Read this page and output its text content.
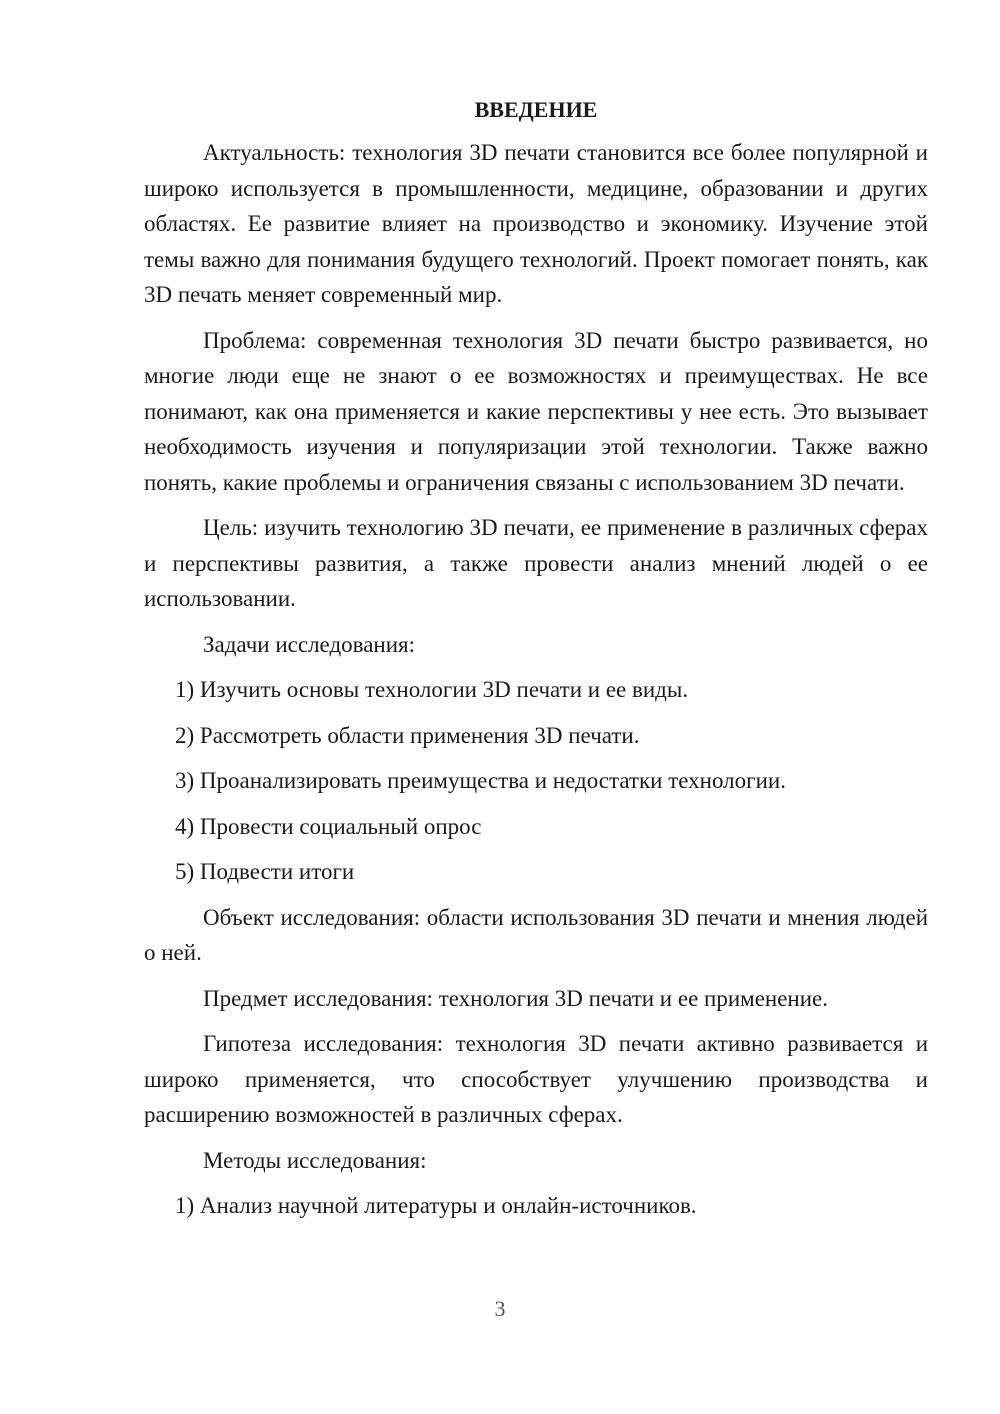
ВВЕДЕНИЕ
Актуальность: технология 3D печати становится все более популярной и широко используется в промышленности, медицине, образовании и других областях. Ее развитие влияет на производство и экономику. Изучение этой темы важно для понимания будущего технологий. Проект помогает понять, как 3D печать меняет современный мир.
Проблема: современная технология 3D печати быстро развивается, но многие люди еще не знают о ее возможностях и преимуществах. Не все понимают, как она применяется и какие перспективы у нее есть. Это вызывает необходимость изучения и популяризации этой технологии. Также важно понять, какие проблемы и ограничения связаны с использованием 3D печати.
Цель: изучить технологию 3D печати, ее применение в различных сферах и перспективы развития, а также провести анализ мнений людей о ее использовании.
Задачи исследования:
1) Изучить основы технологии 3D печати и ее виды.
2) Рассмотреть области применения 3D печати.
3) Проанализировать преимущества и недостатки технологии.
4) Провести социальный опрос
5) Подвести итоги
Объект исследования: области использования 3D печати и мнения людей о ней.
Предмет исследования: технология 3D печати и ее применение.
Гипотеза исследования: технология 3D печати активно развивается и широко применяется, что способствует улучшению производства и расширению возможностей в различных сферах.
Методы исследования:
1) Анализ научной литературы и онлайн-источников.
3
